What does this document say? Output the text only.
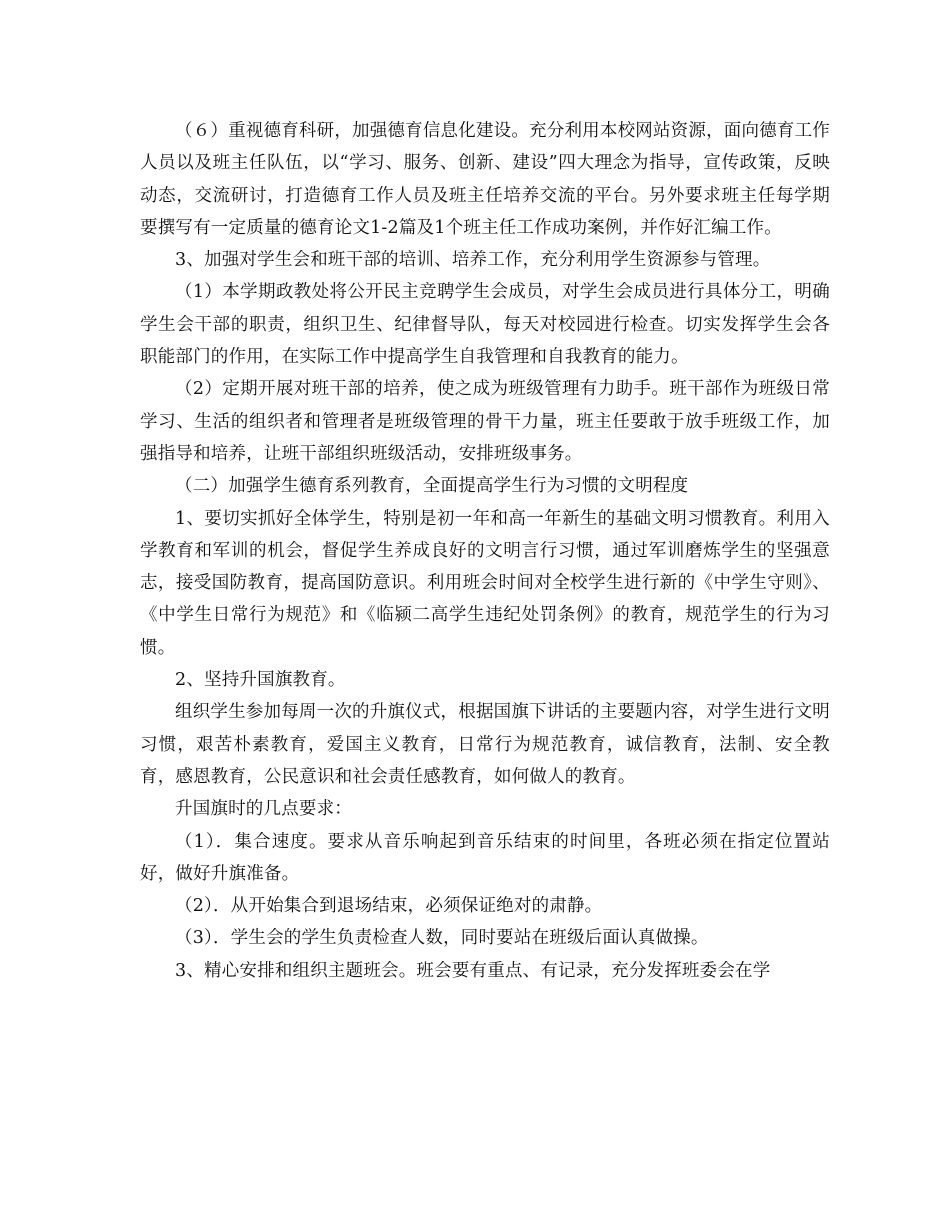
（６）重视德育科研，加强德育信息化建设。充分利用本校网站资源，面向德育工作人员以及班主任队伍，以“学习、服务、创新、建设”四大理念为指导，宣传政策，反映动态，交流研讨，打造德育工作人员及班主任培养交流的平台。另外要求班主任每学期要撰写有一定质量的德育论文1-2篇及1个班主任工作成功案例，并作好汇编工作。

3、加强对学生会和班干部的培训、培养工作，充分利用学生资源参与管理。

（1）本学期政教处将公开民主竞聘学生会成员，对学生会成员进行具体分工，明确学生会干部的职责，组织卫生、纪律督导队，每天对校园进行检查。切实发挥学生会各职能部门的作用，在实际工作中提高学生自我管理和自我教育的能力。

（2）定期开展对班干部的培养，使之成为班级管理有力助手。班干部作为班级日常学习、生活的组织者和管理者是班级管理的骨干力量，班主任要敢于放手班级工作，加强指导和培养，让班干部组织班级活动，安排班级事务。

（二）加强学生德育系列教育，全面提高学生行为习惯的文明程度

1、要切实抓好全体学生，特别是初一年和高一年新生的基础文明习惯教育。利用入学教育和军训的机会，督促学生养成良好的文明言行习惯，通过军训磨炼学生的坚强意志，接受国防教育，提高国防意识。利用班会时间对全校学生进行新的《中学生守则》、《中学生日常行为规范》和《临颍二高学生违纪处罚条例》的教育，规范学生的行为习惯。

2、坚持升国旗教育。

组织学生参加每周一次的升旗仪式，根据国旗下讲话的主要题内容，对学生进行文明习惯，艰苦朴素教育，爱国主义教育，日常行为规范教育，诚信教育，法制、安全教育，感恩教育，公民意识和社会责任感教育，如何做人的教育。

升国旗时的几点要求：

（1）．集合速度。要求从音乐响起到音乐结束的时间里，各班必须在指定位置站好，做好升旗准备。

（2）．从开始集合到退场结束，必须保证绝对的肃静。

（3）．学生会的学生负责检查人数，同时要站在班级后面认真做操。

3、精心安排和组织主题班会。班会要有重点、有记录，充分发挥班委会在学
